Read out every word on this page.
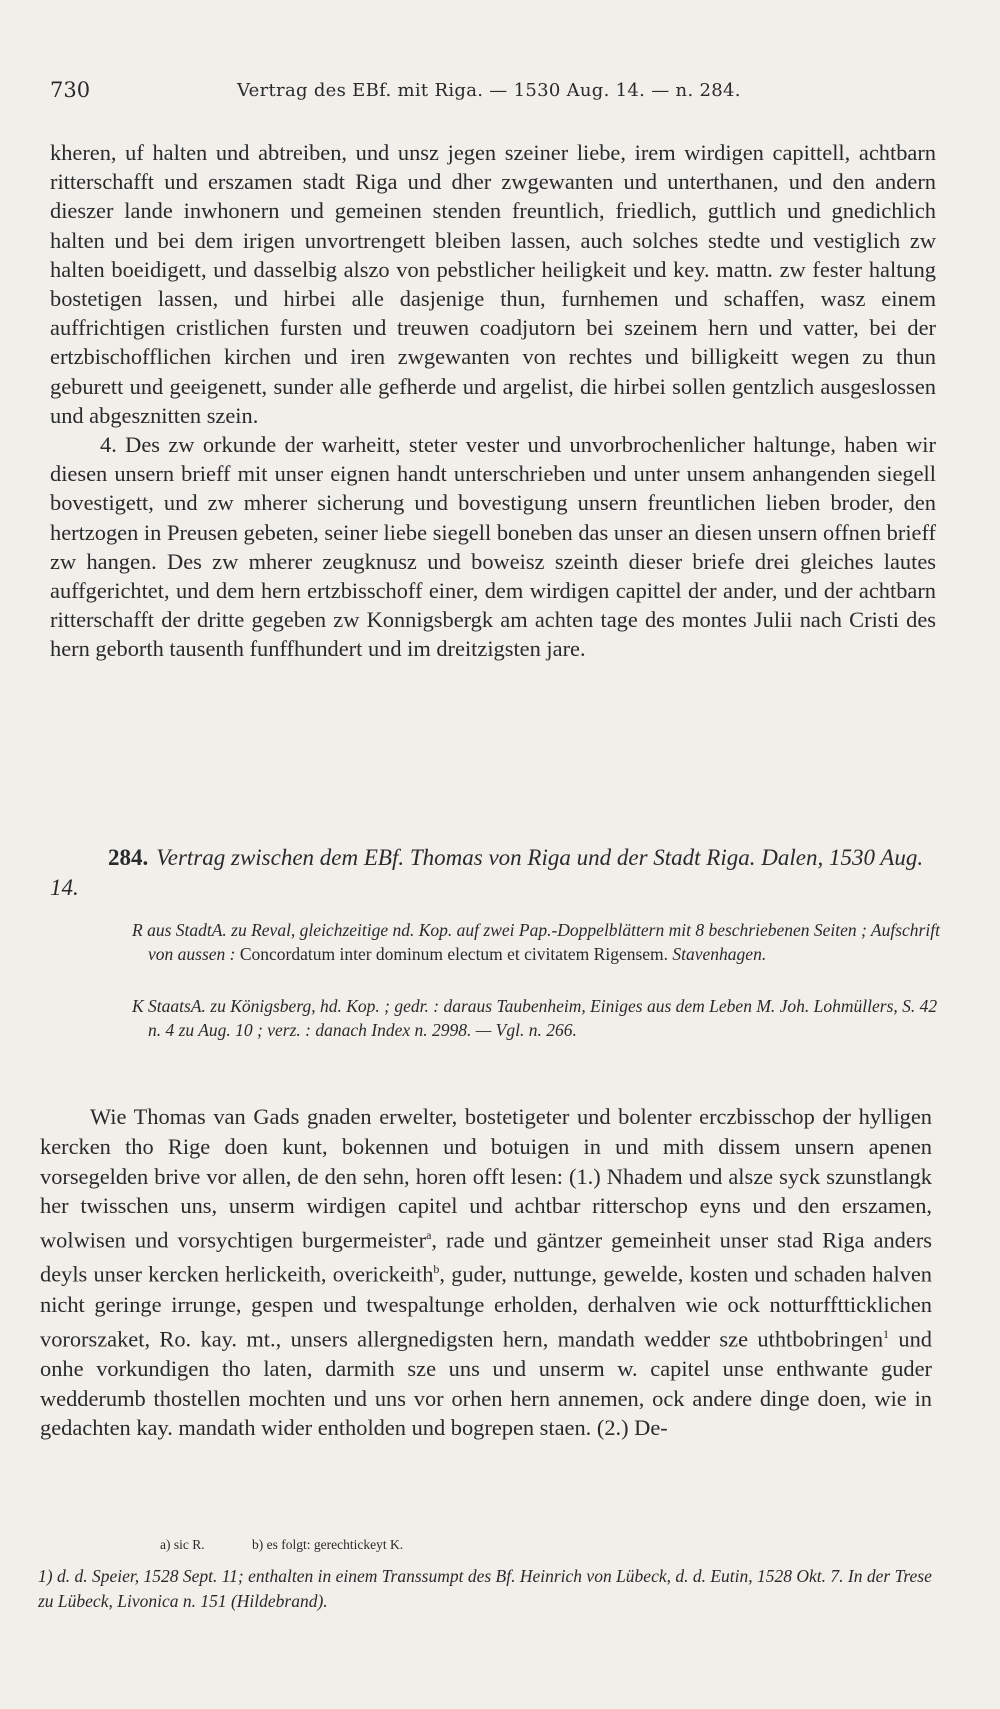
730	Vertrag des EBf. mit Riga. — 1530 Aug. 14. — n. 284.

kheren, uf halten und abtreiben, und unsz jegen szeiner liebe, irem wirdigen capittell, achtbarn ritterschafft und erszamen stadt Riga und dher zwgewanten und unterthanen, und den andern dieszer lande inwhonern und gemeinen stenden freuntlich, friedlich, guttlich und gnedichlich halten und bei dem irigen unvortrengett bleiben lassen, auch solches stedte und vestiglich zw halten boeidigett, und dasselbig alszo von pebstlicher heiligkeit und key. mattn. zw fester haltung bostetigen lassen, und hirbei alle dasjenige thun, furnhemen und schaffen, wasz einem auffrichtigen cristlichen fursten und treuwen coadjutorn bei szeinem hern und vatter, bei der ertzbischofflichen kirchen und iren zwgewanten von rechtes und billigkeitt wegen zu thun geburett und geeigenett, sunder alle gefherde und argelist, die hirbei sollen gentzlich ausgeslossen und abgesznitten szein.

4. Des zw orkunde der warheitt, steter vester und unvorbrochenlicher haltunge, haben wir diesen unsern brieff mit unser eignen handt unterschrieben und unter unsem anhangenden siegell bovestigett, und zw mherer sicherung und bovestigung unsern freuntlichen lieben broder, den hertzogen in Preusen gebeten, seiner liebe siegell boneben das unser an diesen unsern offnen brieff zw hangen. Des zw mherer zeugknusz und boweisz szeinth dieser briefe drei gleiches lautes auffgerichtet, und dem hern ertzbisschoff einer, dem wirdigen capittel der ander, und der achtbarn ritterschafft der dritte gegeben zw Konnigsbergk am achten tage des montes Julii nach Cristi des hern geborth tausenth funffhundert und im dreitzigsten jare.

284. Vertrag zwischen dem EBf. Thomas von Riga und der Stadt Riga. Dalen, 1530 Aug. 14.

R aus StadtA. zu Reval, gleichzeitige nd. Kop. auf zwei Pap.-Doppelblättern mit 8 beschriebenen Seiten ; Aufschrift von aussen : Concordatum inter dominum electum et civitatem Rigensem. Stavenhagen.

K StaatsA. zu Königsberg, hd. Kop. ; gedr. : daraus Taubenheim, Einiges aus dem Leben M. Joh. Lohmüllers, S. 42 n. 4 zu Aug. 10 ; verz. : danach Index n. 2998. — Vgl. n. 266.

Wie Thomas van Gads gnaden erwelter, bostetigeter und bolenter erczbisschop der hylligen kercken tho Rige doen kunt, bokennen und botuigen in und mith dissem unsern apenen vorsegelden brive vor allen, de den sehn, horen offt lesen: (1.) Nhadem und alsze syck szunstlangk her twisschen uns, unserm wirdigen capitel und achtbar ritterschop eyns und den erszamen, wolwisen und vorsychtigen burgermeister$^a$, rade und gäntzer gemeinheit unser stad Riga anders deyls unser kercken herlickeith, overickeith$^b$, guder, nuttunge, gewelde, kosten und schaden halven nicht geringe irrunge, gespen und twespaltunge erholden, derhalven wie ock notturfftticklichen vororszaket, Ro. kay. mt., unsers allergnedigsten hern, mandath wedder sze uthtbobringen$^1$ und onhe vorkundigen tho laten, darmith sze uns und unserm w. capitel unse enthwante guder wedderumb thostellen mochten und uns vor orhen hern annemen, ock andere dinge doen, wie in gedachten kay. mandath wider entholden und bogrepen staen. (2.) De-

a) sic R.	b) es folgt: gerechtickeyt K.

1) d. d. Speier, 1528 Sept. 11; enthalten in einem Transsumpt des Bf. Heinrich von Lübeck, d. d. Eutin, 1528 Okt. 7. In der Trese zu Lübeck, Livonica n. 151 (Hildebrand).
